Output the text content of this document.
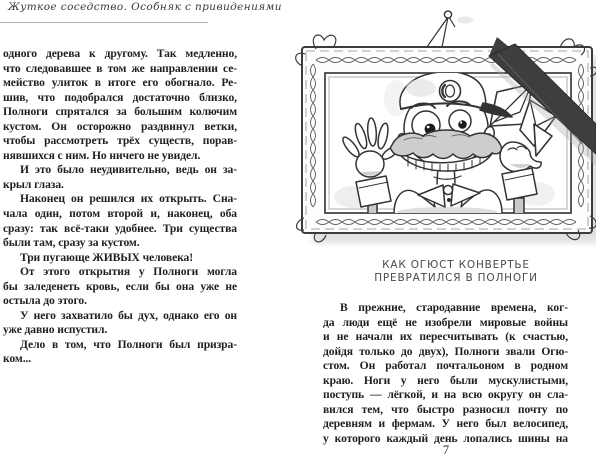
Жуткое соседство. Особняк с привидениями
одного дерева к другому. Так медленно,
что следовавшее в том же направлении се-
мейство улиток в итоге его обогнало. Ре-
шив, что подобрался достаточно близко,
Полноги спрятался за большим колючим
кустом. Он осторожно раздвинул ветки,
чтобы рассмотреть трёх существ, порав-
нявшихся с ним. Но ничего не увидел.
И это было неудивительно, ведь он за-
крыл глаза.
Наконец он решился их открыть. Сна-
чала один, потом второй и, наконец, оба
сразу: так всё-таки удобнее. Три существа
были там, сразу за кустом.
Три пугающе ЖИВЫХ человека!
От этого открытия у Полноги могла
бы заледенеть кровь, если бы она уже не
остыла до этого.
У него захватило бы дух, однако его он
уже давно испустил.
Дело в том, что Полноги был призра-
ком...
КАК ОГЮСТ КОНВЕРТЬЕ
ПРЕВРАТИЛСЯ В ПОЛНОГИ
В прежние, стародавние времена, ког-
да люди ещё не изобрели мировые войны
и не начали их пересчитывать (к счастью,
дойдя только до двух), Полноги звали Огю-
стом. Он работал почтальоном в родном
краю. Ноги у него были мускулистыми,
поступь — лёгкой, и на всю округу он сла-
вился тем, что быстро разносил почту по
деревням и фермам. У него был велосипед,
у которого каждый день лопались шины на
7
